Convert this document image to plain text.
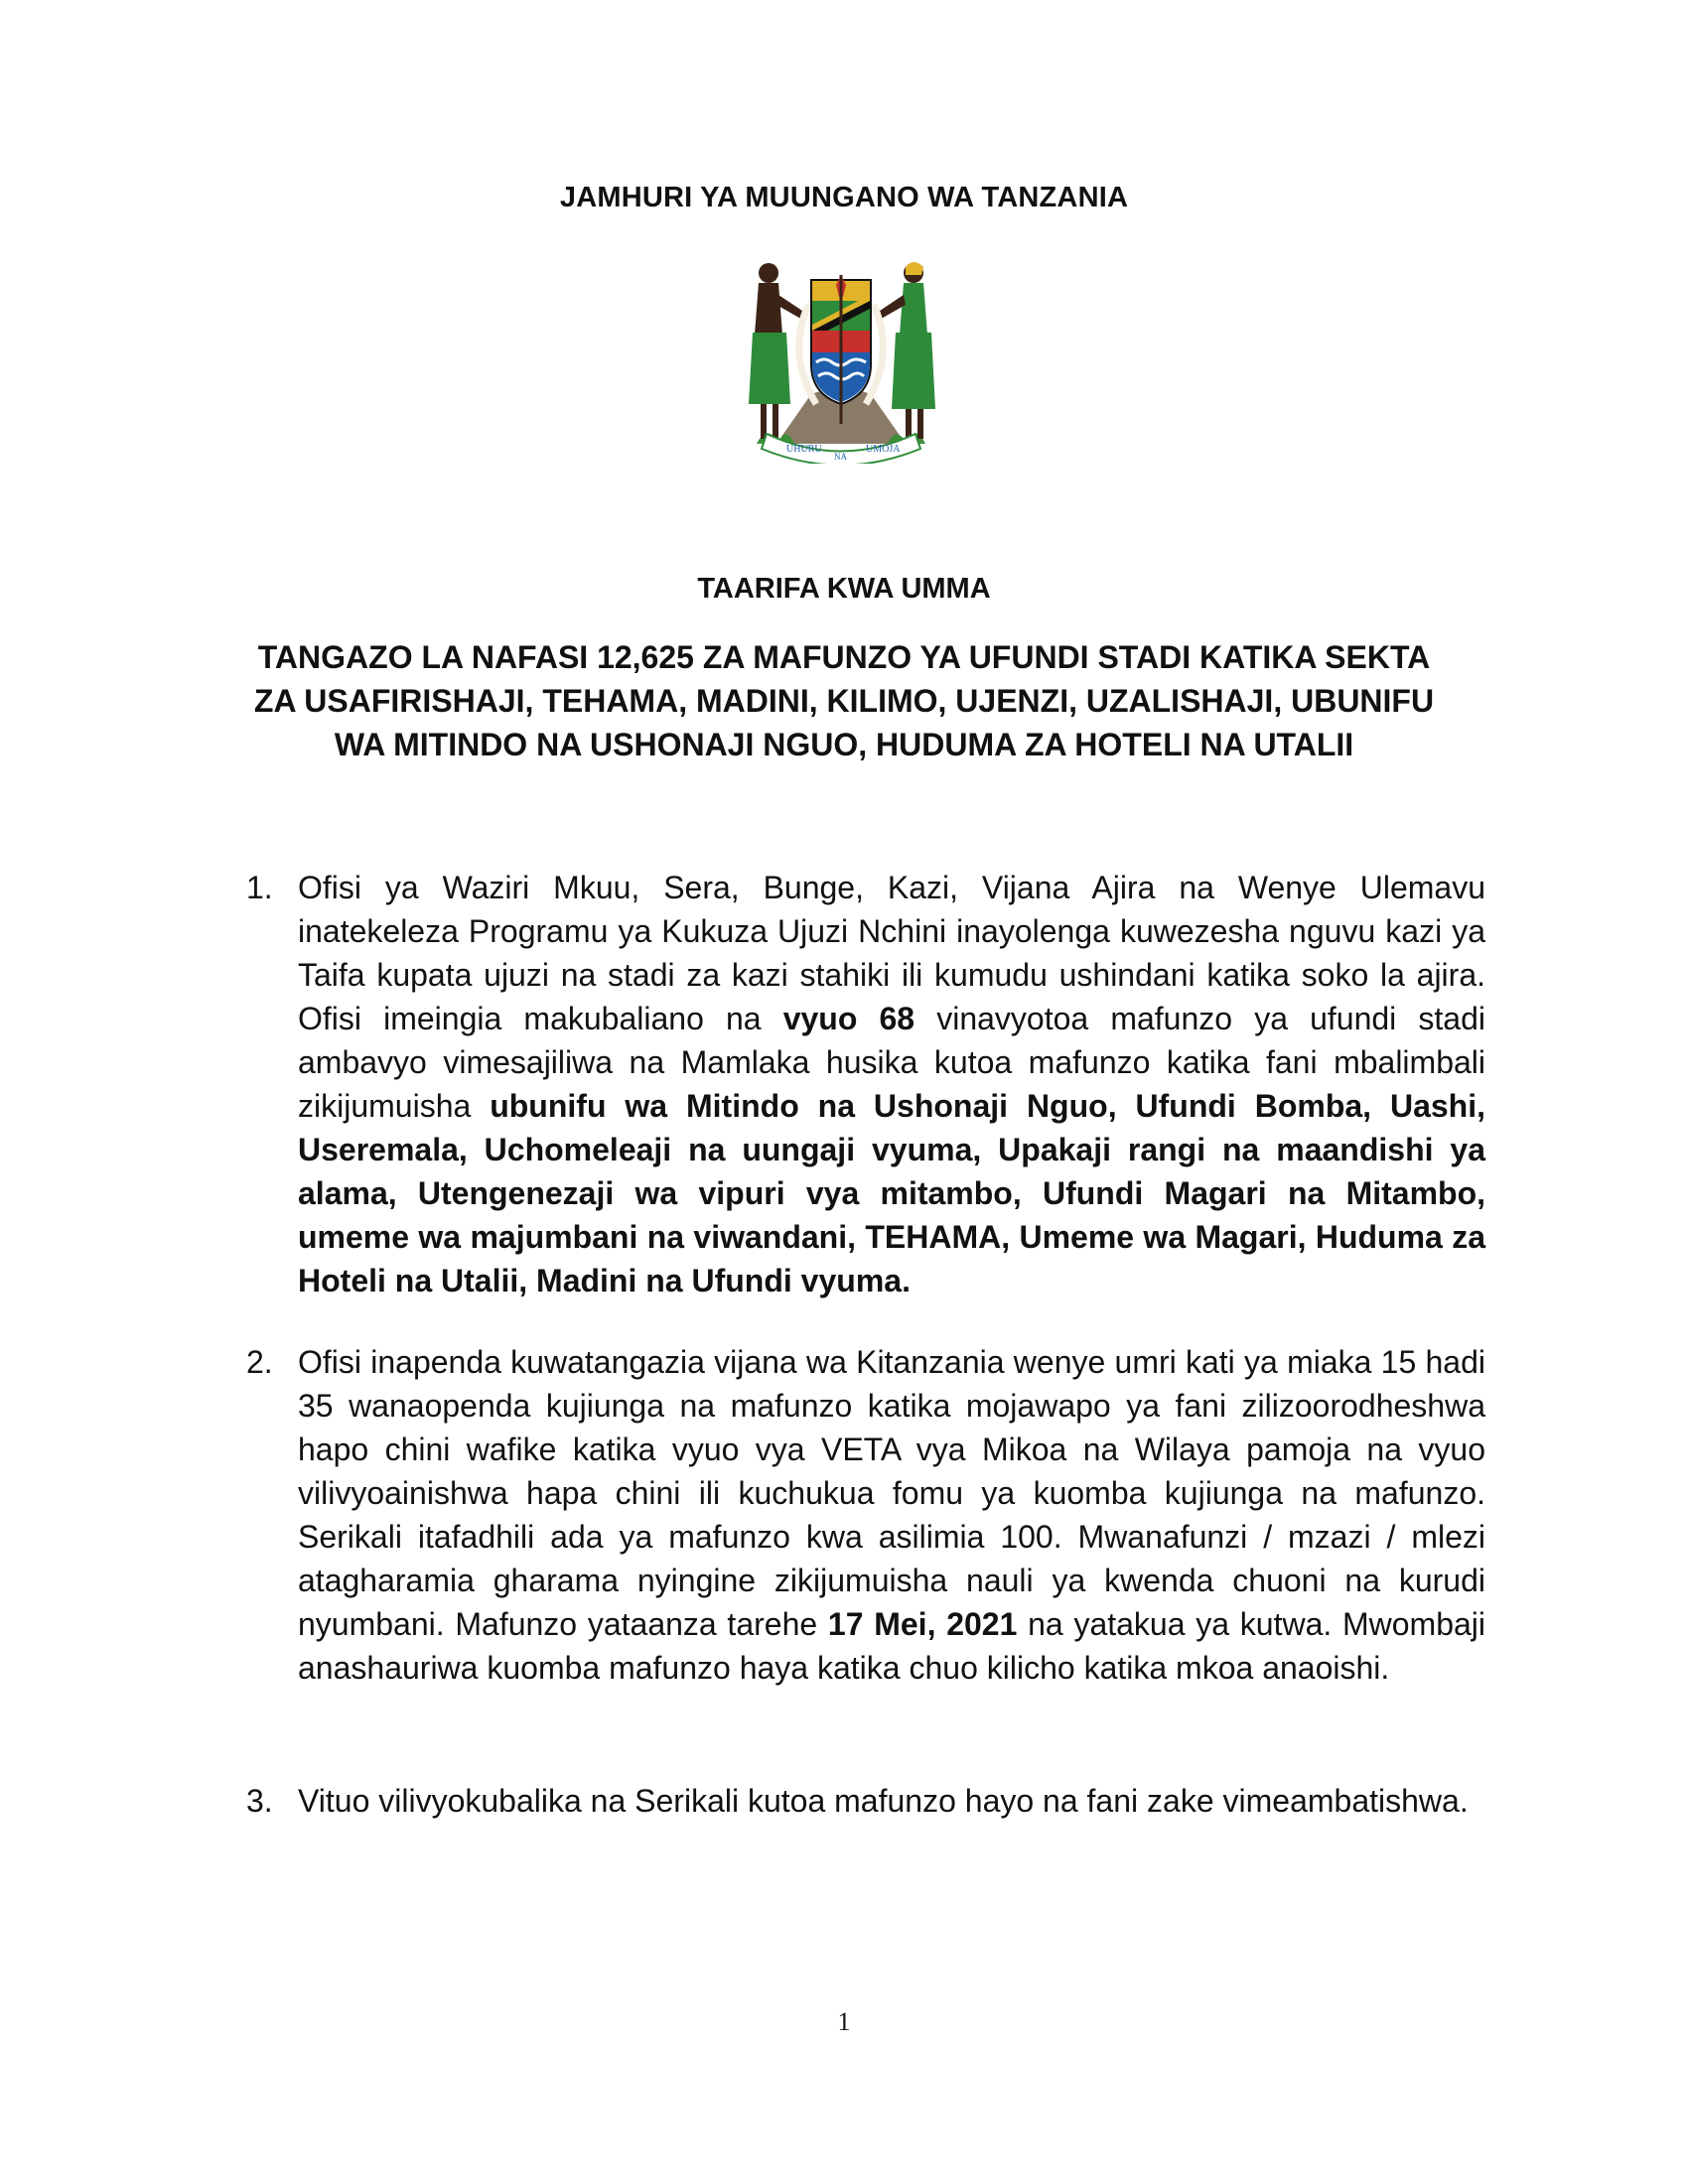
JAMHURI YA MUUNGANO WA TANZANIA
UHURU
NA
UMOJA
TAARIFA KWA UMMA
TANGAZO LA NAFASI 12,625 ZA MAFUNZO YA UFUNDI STADI KATIKA SEKTA
ZA USAFIRISHAJI, TEHAMA, MADINI, KILIMO, UJENZI, UZALISHAJI, UBUNIFU
WA MITINDO NA USHONAJI NGUO, HUDUMA ZA HOTELI NA UTALII
1. Ofisi ya Waziri Mkuu, Sera, Bunge, Kazi, Vijana Ajira na Wenye Ulemavu inatekeleza Programu ya Kukuza Ujuzi Nchini inayolenga kuwezesha nguvu kazi ya Taifa kupata ujuzi na stadi za kazi stahiki ili kumudu ushindani katika soko la ajira. Ofisi imeingia makubaliano na vyuo 68 vinavyotoa mafunzo ya ufundi stadi ambavyo vimesajiliwa na Mamlaka husika kutoa mafunzo katika fani mbalimbali zikijumuisha ubunifu wa Mitindo na Ushonaji Nguo, Ufundi Bomba, Uashi, Useremala, Uchomeleaji na uungaji vyuma, Upakaji rangi na maandishi ya alama, Utengenezaji wa vipuri vya mitambo, Ufundi Magari na Mitambo, umeme wa majumbani na viwandani, TEHAMA, Umeme wa Magari, Huduma za Hoteli na Utalii, Madini na Ufundi vyuma.
2. Ofisi inapenda kuwatangazia vijana wa Kitanzania wenye umri kati ya miaka 15 hadi 35 wanaopenda kujiunga na mafunzo katika mojawapo ya fani zilizoorodheshwa hapo chini wafike katika vyuo vya VETA vya Mikoa na Wilaya pamoja na vyuo vilivyoainishwa hapa chini ili kuchukua fomu ya kuomba kujiunga na mafunzo. Serikali itafadhili ada ya mafunzo kwa asilimia 100. Mwanafunzi / mzazi / mlezi atagharamia gharama nyingine zikijumuisha nauli ya kwenda chuoni na kurudi nyumbani. Mafunzo yataanza tarehe 17 Mei, 2021 na yatakua ya kutwa. Mwombaji anashauriwa kuomba mafunzo haya katika chuo kilicho katika mkoa anaoishi.
3. Vituo vilivyokubalika na Serikali kutoa mafunzo hayo na fani zake vimeambatishwa.
1
